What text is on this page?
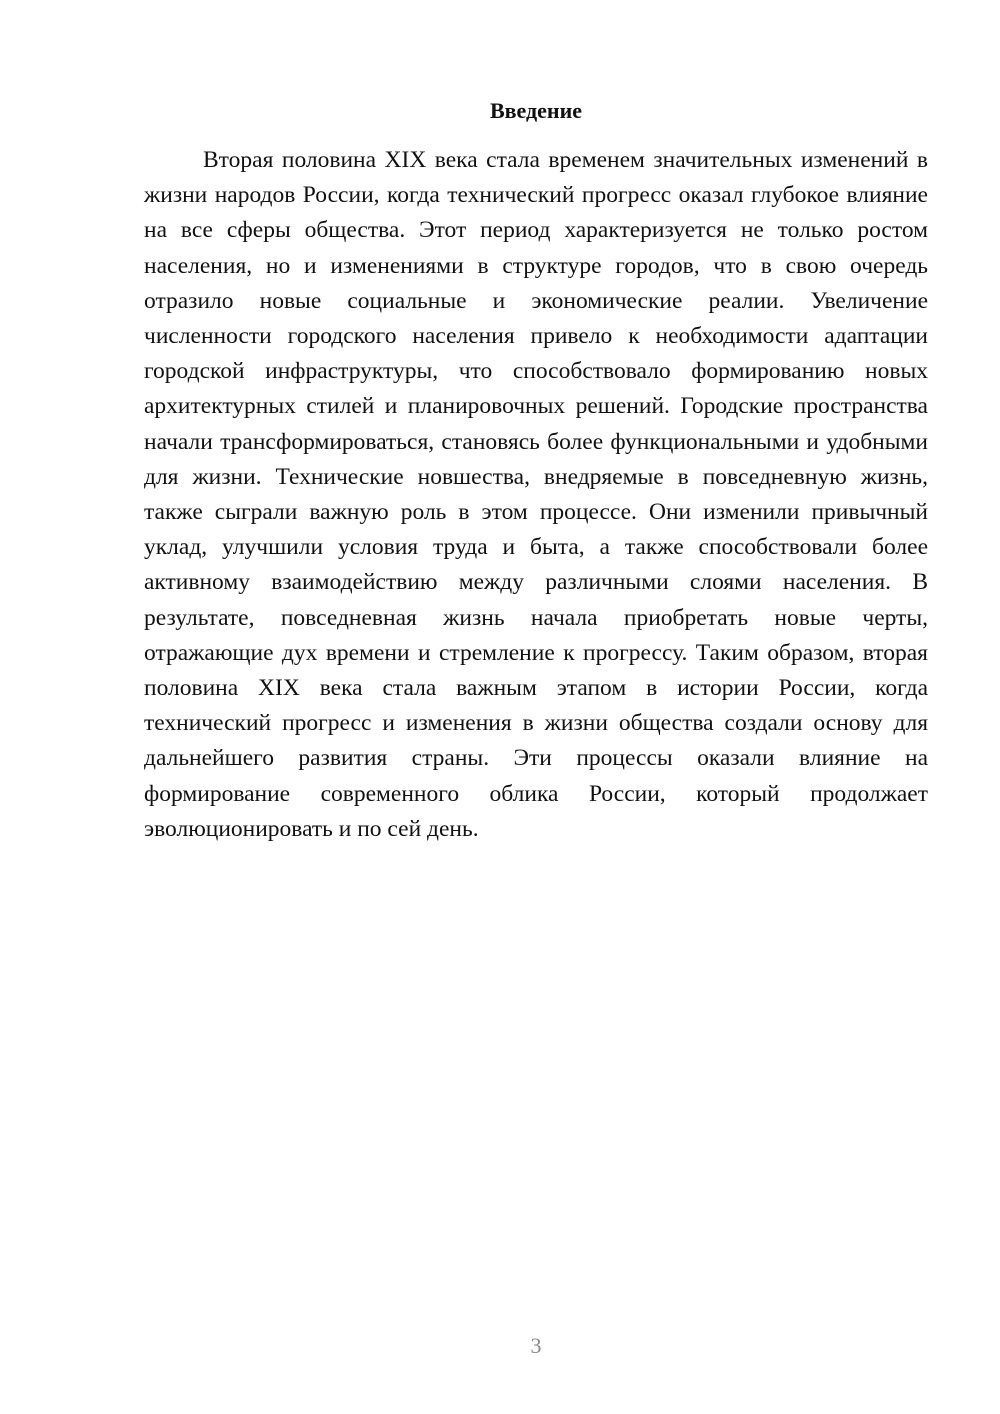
Введение

Вторая половина XIX века стала временем значительных изменений в жизни народов России, когда технический прогресс оказал глубокое влияние на все сферы общества. Этот период характеризуется не только ростом населения, но и изменениями в структуре городов, что в свою очередь отразило новые социальные и экономические реалии. Увеличение численности городского населения привело к необходимости адаптации городской инфраструктуры, что способствовало формированию новых архитектурных стилей и планировочных решений. Городские пространства начали трансформироваться, становясь более функциональными и удобными для жизни. Технические новшества, внедряемые в повседневную жизнь, также сыграли важную роль в этом процессе. Они изменили привычный уклад, улучшили условия труда и быта, а также способствовали более активному взаимодействию между различными слоями населения. В результате, повседневная жизнь начала приобретать новые черты, отражающие дух времени и стремление к прогрессу. Таким образом, вторая половина XIX века стала важным этапом в истории России, когда технический прогресс и изменения в жизни общества создали основу для дальнейшего развития страны. Эти процессы оказали влияние на формирование современного облика России, который продолжает эволюционировать и по сей день.

3
